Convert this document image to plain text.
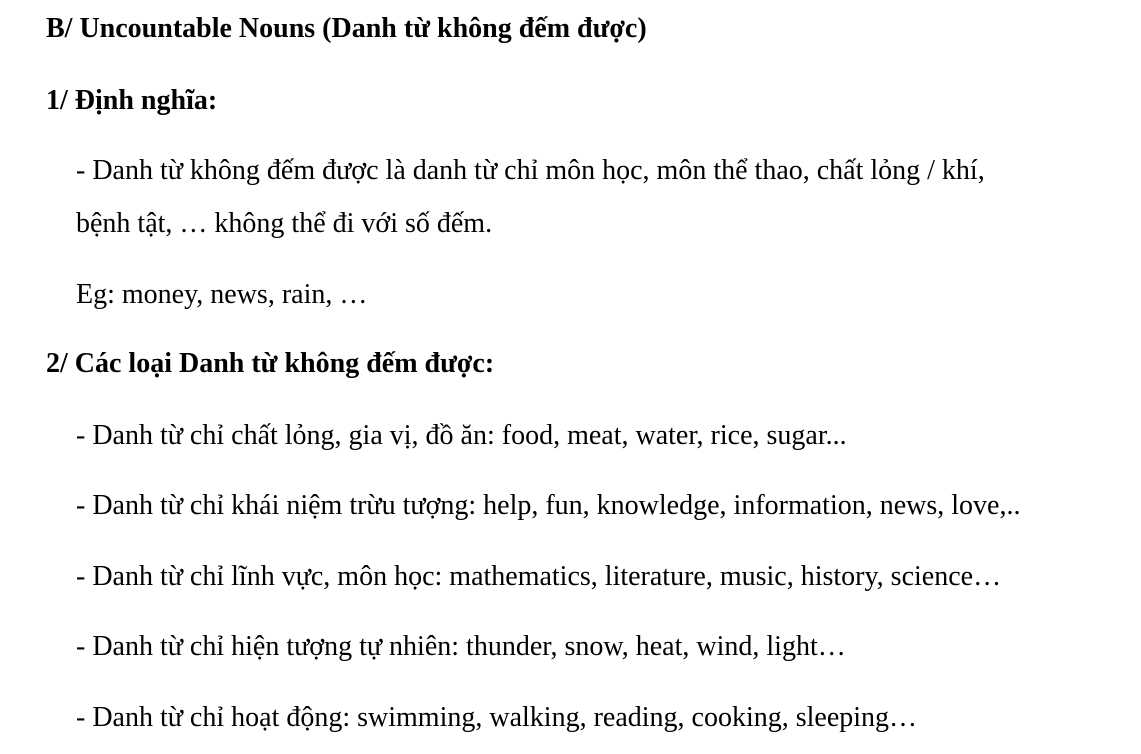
B/ Uncountable Nouns (Danh từ không đếm được)
1/ Định nghĩa:
- Danh từ không đếm được là danh từ chỉ môn học, môn thể thao, chất lỏng / khí,
bệnh tật, … không thể đi với số đếm.
Eg: money, news, rain, …
2/ Các loại Danh từ không đếm được:
- Danh từ chỉ chất lỏng, gia vị, đồ ăn: food, meat, water, rice, sugar...
- Danh từ chỉ khái niệm trừu tượng: help, fun, knowledge, information, news, love,..
- Danh từ chỉ lĩnh vực, môn học: mathematics, literature, music, history, science…
- Danh từ chỉ hiện tượng tự nhiên: thunder, snow, heat, wind, light…
- Danh từ chỉ hoạt động: swimming, walking, reading, cooking, sleeping…
